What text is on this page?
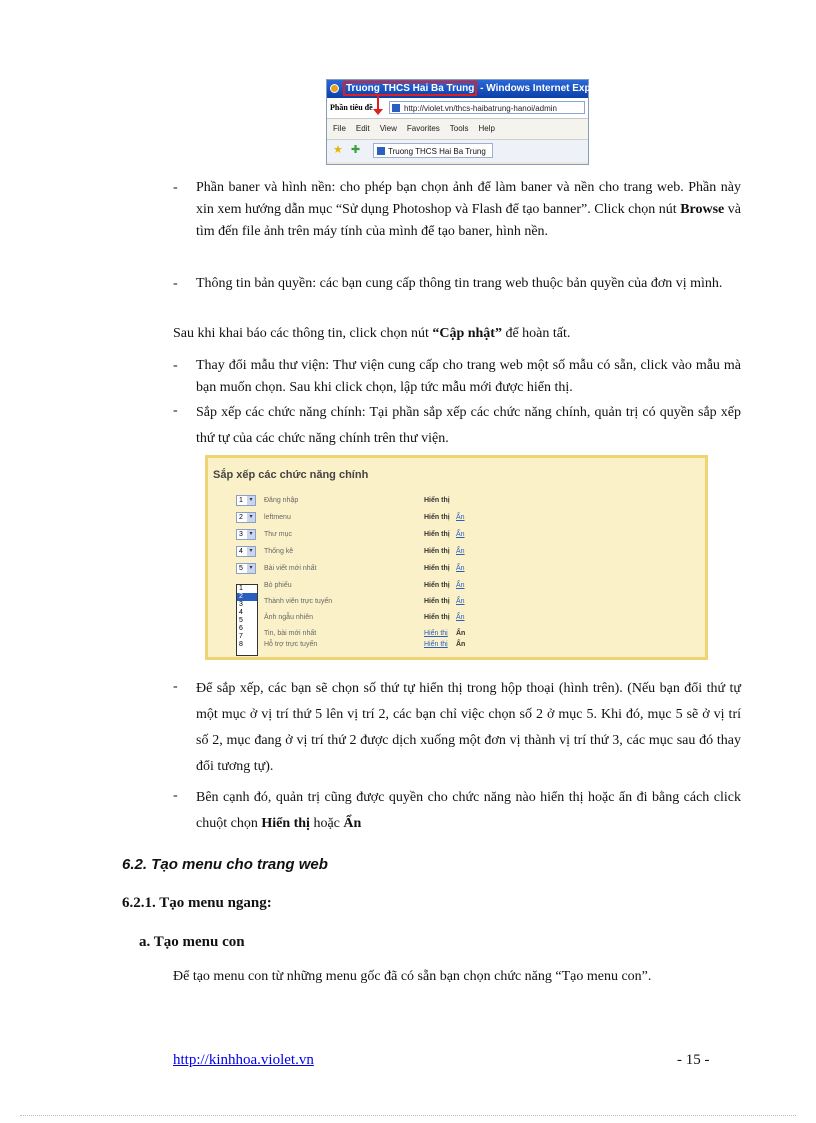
Truong THCS Hai Ba Trung - Windows Internet Explorer
Phần tiêu đề	http://violet.vn/thcs-haibatrung-hanoi/admin
File Edit View Favorites Tools Help
★ ✚	Truong THCS Hai Ba Trung
- Phần baner và hình nền: cho phép bạn chọn ảnh để làm baner và nền cho trang web. Phần này xin xem hướng dẫn mục “Sử dụng Photoshop và Flash để tạo banner”. Click chọn nút Browse và tìm đến file ảnh trên máy tính của mình để tạo baner, hình nền.
- Thông tin bản quyền: các bạn cung cấp thông tin trang web thuộc bản quyền của đơn vị mình.
Sau khi khai báo các thông tin, click chọn nút “Cập nhật” để hoàn tất.
- Thay đổi mẫu thư viện: Thư viện cung cấp cho trang web một số mẫu có sẵn, click vào mẫu mà bạn muốn chọn. Sau khi click chọn, lập tức mẫu mới được hiển thị.
- Sắp xếp các chức năng chính: Tại phần sắp xếp các chức năng chính, quản trị có quyền sắp xếp thứ tự của các chức năng chính trên thư viện.
Sắp xếp các chức năng chính
1	▾	Đăng nhập	Hiển thị
2	▾	leftmenu	Hiển thị Ẩn
3	▾	Thư mục	Hiển thị Ẩn
4	▾	Thống kê	Hiển thị Ẩn
5	▾	Bài viết mới nhất	Hiển thị Ẩn
Bỏ phiếu	Hiển thị Ẩn
Thành viên trực tuyến	Hiển thị Ẩn
Ảnh ngẫu nhiên	Hiển thị Ẩn
Tin, bài mới nhất	Hiển thị Ẩn
Hỗ trợ trực tuyến	Hiển thị Ẩn
1
2
3
4
5
6
7
8
- Để sắp xếp, các bạn sẽ chọn số thứ tự hiển thị trong hộp thoại (hình trên). (Nếu bạn đổi thứ tự một mục ở vị trí thứ 5 lên vị trí 2, các bạn chỉ việc chọn số 2 ở mục 5. Khi đó, mục 5 sẽ ở vị trí số 2, mục đang ở vị trí thứ 2 được dịch xuống một đơn vị thành vị trí thứ 3, các mục sau đó thay đổi tương tự).
- Bên cạnh đó, quản trị cũng được quyền cho chức năng nào hiển thị hoặc ẩn đi bằng cách click chuột chọn Hiển thị hoặc Ẩn
6.2. Tạo menu cho trang web
6.2.1. Tạo menu ngang:
a. Tạo menu con
Để tạo menu con từ những menu gốc đã có sẵn bạn chọn chức năng “Tạo menu con”.
http://kinhhoa.violet.vn	- 15 -
